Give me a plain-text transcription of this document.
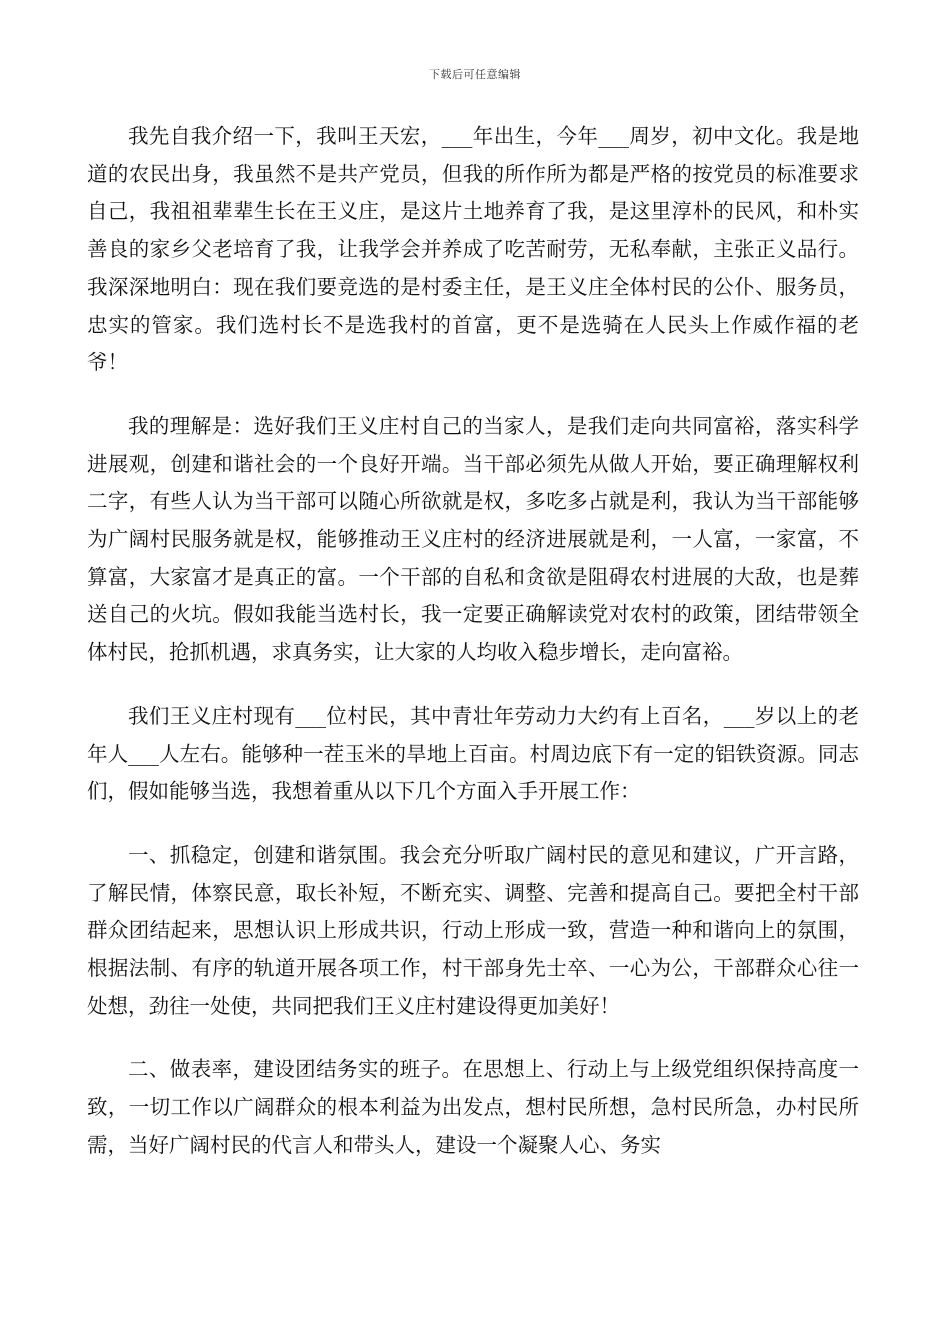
下载后可任意编辑

我先自我介绍一下，我叫王天宏，___年出生，今年___周岁，初中文化。我是地道的农民出身，我虽然不是共产党员，但我的所作所为都是严格的按党员的标准要求自己，我祖祖辈辈生长在王义庄，是这片土地养育了我，是这里淳朴的民风，和朴实善良的家乡父老培育了我，让我学会并养成了吃苦耐劳，无私奉献，主张正义品行。我深深地明白：现在我们要竞选的是村委主任，是王义庄全体村民的公仆、服务员，忠实的管家。我们选村长不是选我村的首富，更不是选骑在人民头上作威作福的老爷！

我的理解是：选好我们王义庄村自己的当家人，是我们走向共同富裕，落实科学进展观，创建和谐社会的一个良好开端。当干部必须先从做人开始，要正确理解权利二字，有些人认为当干部可以随心所欲就是权，多吃多占就是利，我认为当干部能够为广阔村民服务就是权，能够推动王义庄村的经济进展就是利，一人富，一家富，不算富，大家富才是真正的富。一个干部的自私和贪欲是阻碍农村进展的大敌，也是葬送自己的火坑。假如我能当选村长，我一定要正确解读党对农村的政策，团结带领全体村民，抢抓机遇，求真务实，让大家的人均收入稳步增长，走向富裕。

我们王义庄村现有___位村民，其中青壮年劳动力大约有上百名，___岁以上的老年人___人左右。能够种一茬玉米的旱地上百亩。村周边底下有一定的铝铁资源。同志们，假如能够当选，我想着重从以下几个方面入手开展工作：

一、抓稳定，创建和谐氛围。我会充分听取广阔村民的意见和建议，广开言路，了解民情，体察民意，取长补短，不断充实、调整、完善和提高自己。要把全村干部群众团结起来，思想认识上形成共识，行动上形成一致，营造一种和谐向上的氛围，根据法制、有序的轨道开展各项工作，村干部身先士卒、一心为公，干部群众心往一处想，劲往一处使，共同把我们王义庄村建设得更加美好！

二、做表率，建设团结务实的班子。在思想上、行动上与上级党组织保持高度一致，一切工作以广阔群众的根本利益为出发点，想村民所想，急村民所急，办村民所需，当好广阔村民的代言人和带头人，建设一个凝聚人心、务实
